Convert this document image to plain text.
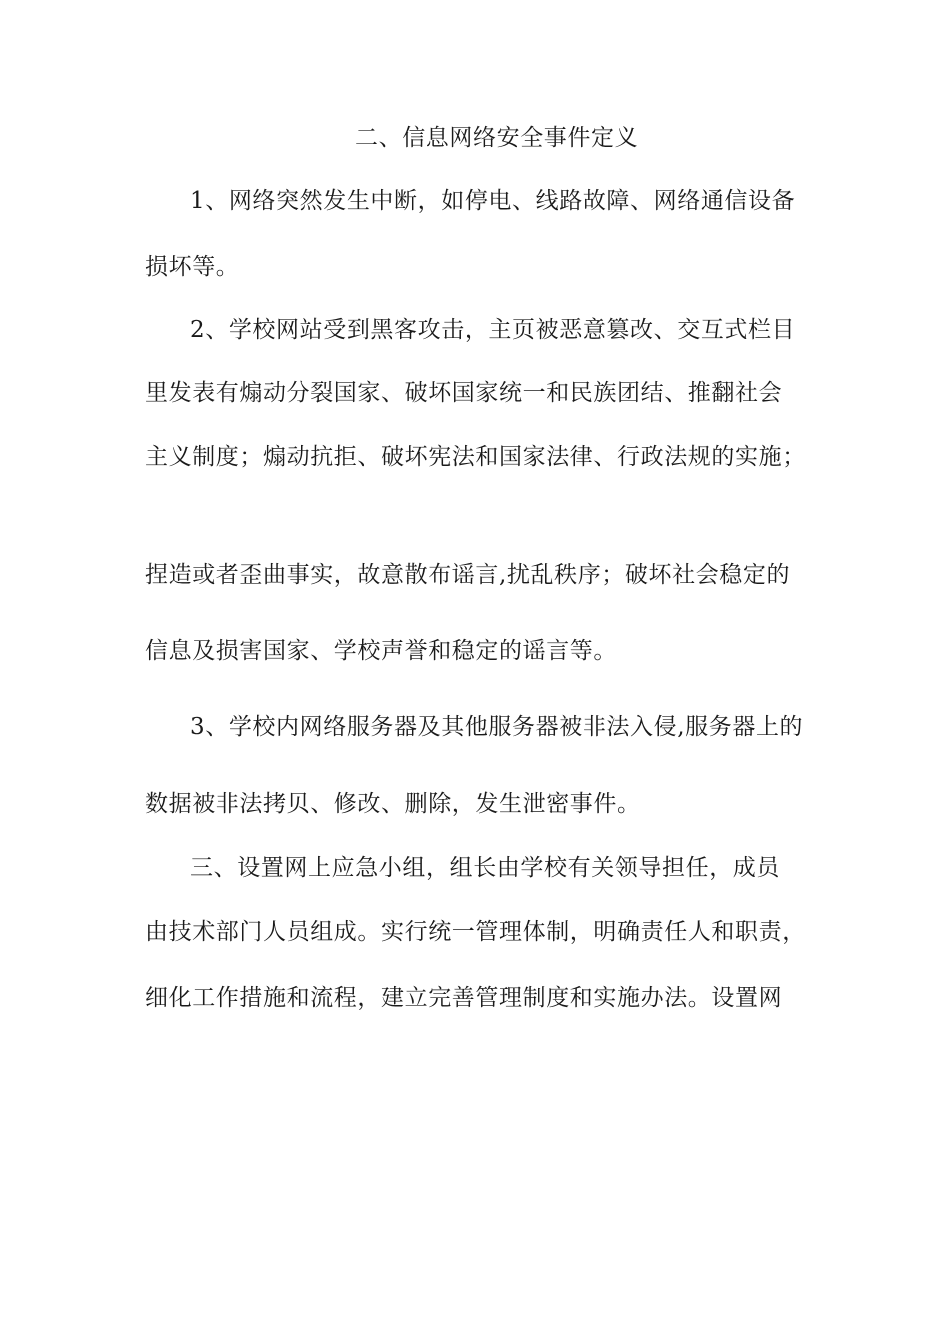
二、信息网络安全事件定义
1、网络突然发生中断，如停电、线路故障、网络通信设备
损坏等。
2、学校网站受到黑客攻击，主页被恶意篡改、交互式栏目
里发表有煽动分裂国家、破坏国家统一和民族团结、推翻社会
主义制度；煽动抗拒、破坏宪法和国家法律、行政法规的实施；
捏造或者歪曲事实，故意散布谣言,扰乱秩序；破坏社会稳定的
信息及损害国家、学校声誉和稳定的谣言等。
3、学校内网络服务器及其他服务器被非法入侵,服务器上的
数据被非法拷贝、修改、删除，发生泄密事件。
三、设置网上应急小组，组长由学校有关领导担任，成员
由技术部门人员组成。实行统一管理体制，明确责任人和职责，
细化工作措施和流程，建立完善管理制度和实施办法。设置网
